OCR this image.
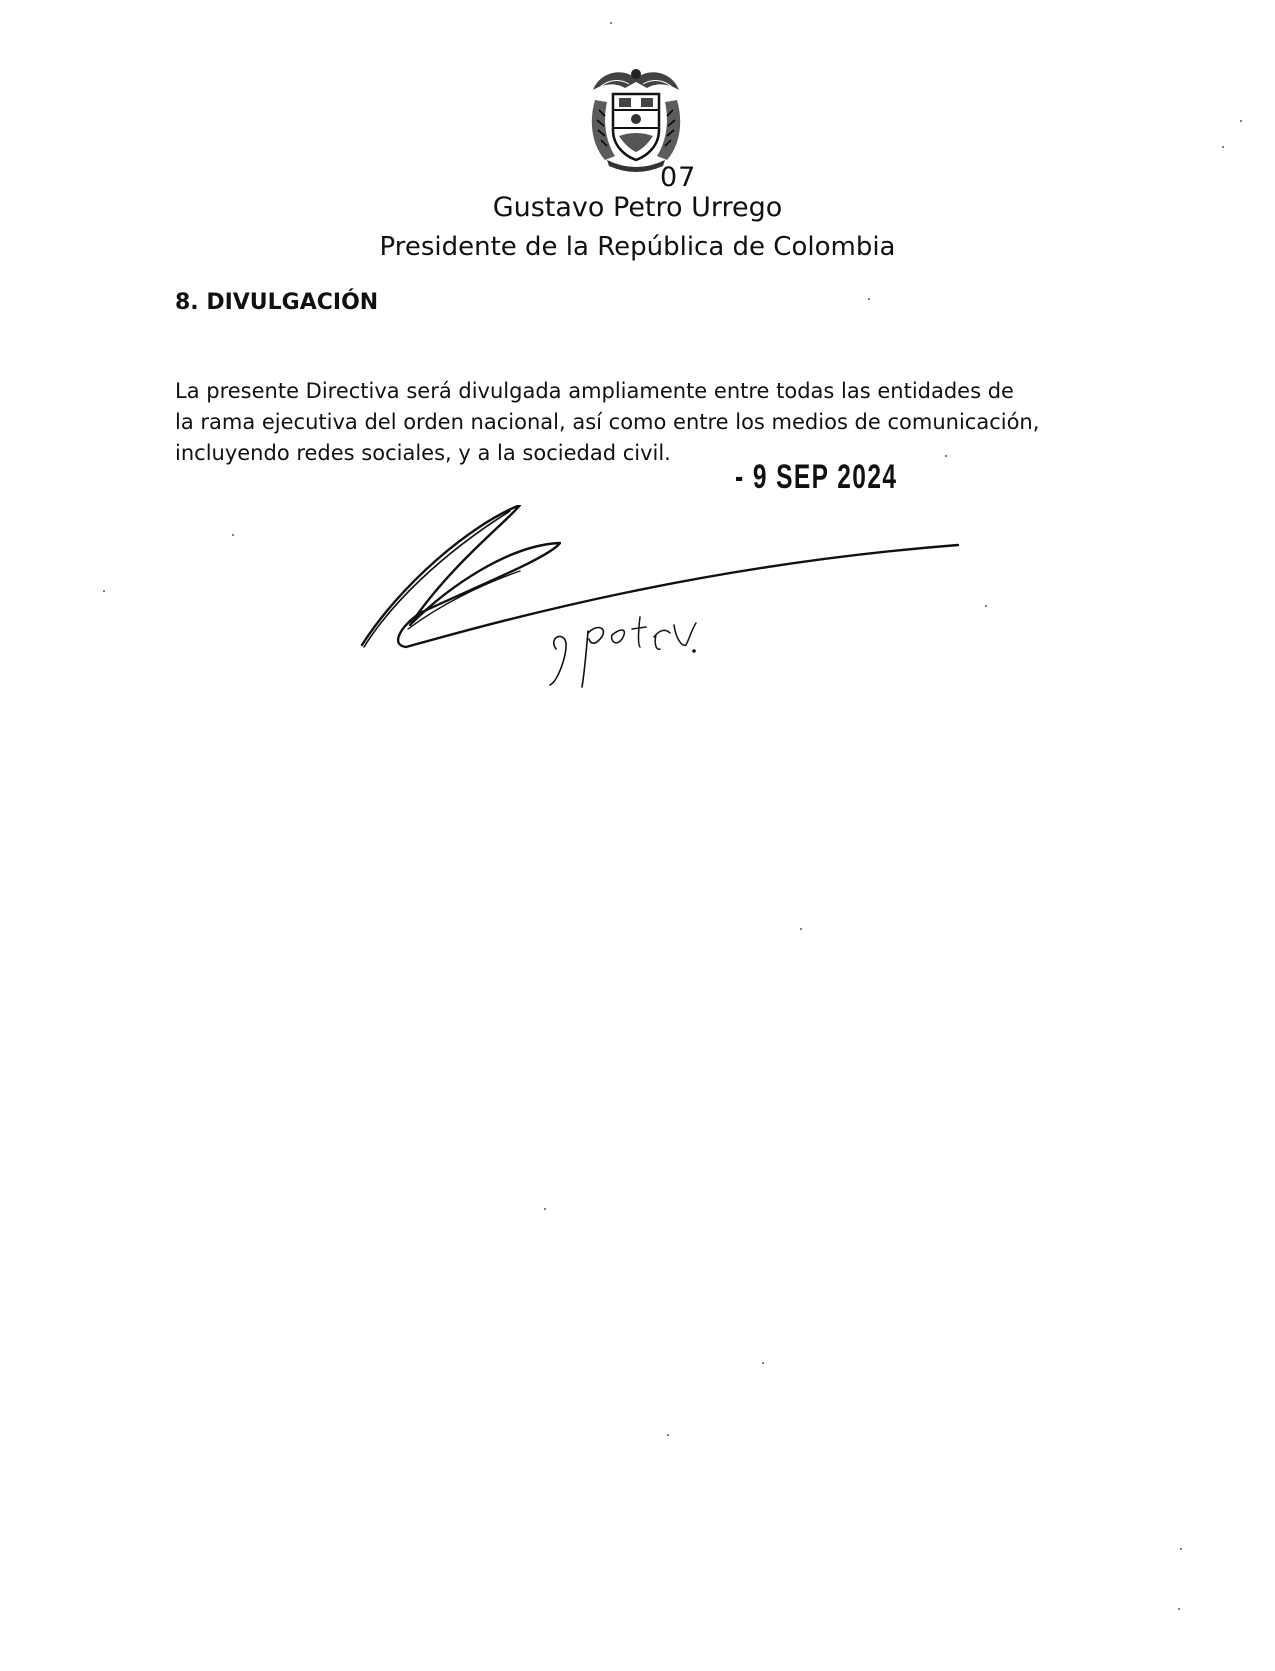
07
Gustavo Petro Urrego
Presidente de la República de Colombia
8. DIVULGACIÓN
La presente Directiva será divulgada ampliamente entre todas las entidades de
la rama ejecutiva del orden nacional, así como entre los medios de comunicación,
incluyendo redes sociales, y a la sociedad civil.
- 9 SEP 2024
